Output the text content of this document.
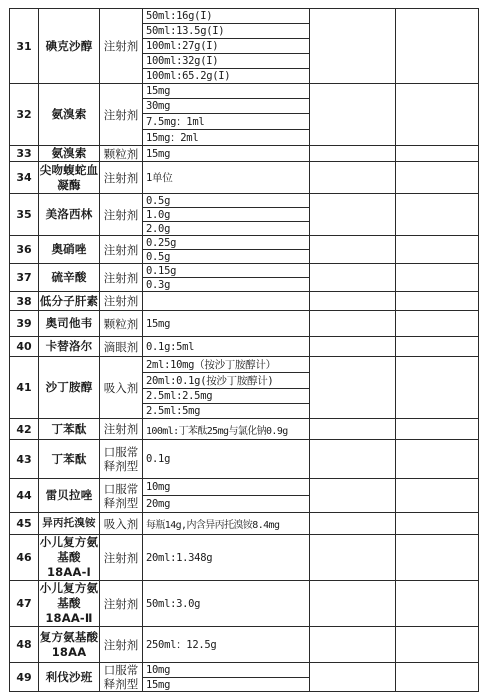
31	碘克沙醇	注射剂	50ml:16g(I)		
			50ml:13.5g(I)		
			100ml:27g(I)		
			100ml:32g(I)		
			100ml:65.2g(I)		
32	氨溴索	注射剂	15mg		
			30mg		
			7.5mg：1ml		
			15mg：2ml		
33	氨溴索	颗粒剂	15mg		
34	尖吻蝮蛇血凝酶	注射剂	1单位		
35	美洛西林	注射剂	0.5g		
			1.0g		
			2.0g		
36	奥硝唑	注射剂	0.25g		
			0.5g		
37	硫辛酸	注射剂	0.15g		
			0.3g		
38	低分子肝素	注射剂			
39	奥司他韦	颗粒剂	15mg		
40	卡替洛尔	滴眼剂	0.1g:5ml		
41	沙丁胺醇	吸入剂	2ml:10mg（按沙丁胺醇计）		
			20ml:0.1g(按沙丁胺醇计)		
			2.5ml:2.5mg		
			2.5ml:5mg		
42	丁苯酞	注射剂	100ml:丁苯酞25mg与氯化钠0.9g		
43	丁苯酞	口服常释剂型	0.1g		
44	雷贝拉唑	口服常释剂型	10mg		
			20mg		
45	异丙托溴铵	吸入剂	每瓶14g,内含异丙托溴铵8.4mg		
46	小儿复方氨基酸18AA-Ⅰ	注射剂	20ml:1.348g		
47	小儿复方氨基酸18AA-Ⅱ	注射剂	50ml:3.0g		
48	复方氨基酸18AA	注射剂	250ml：12.5g		
49	利伐沙班	口服常释剂型	10mg		
			15mg		
